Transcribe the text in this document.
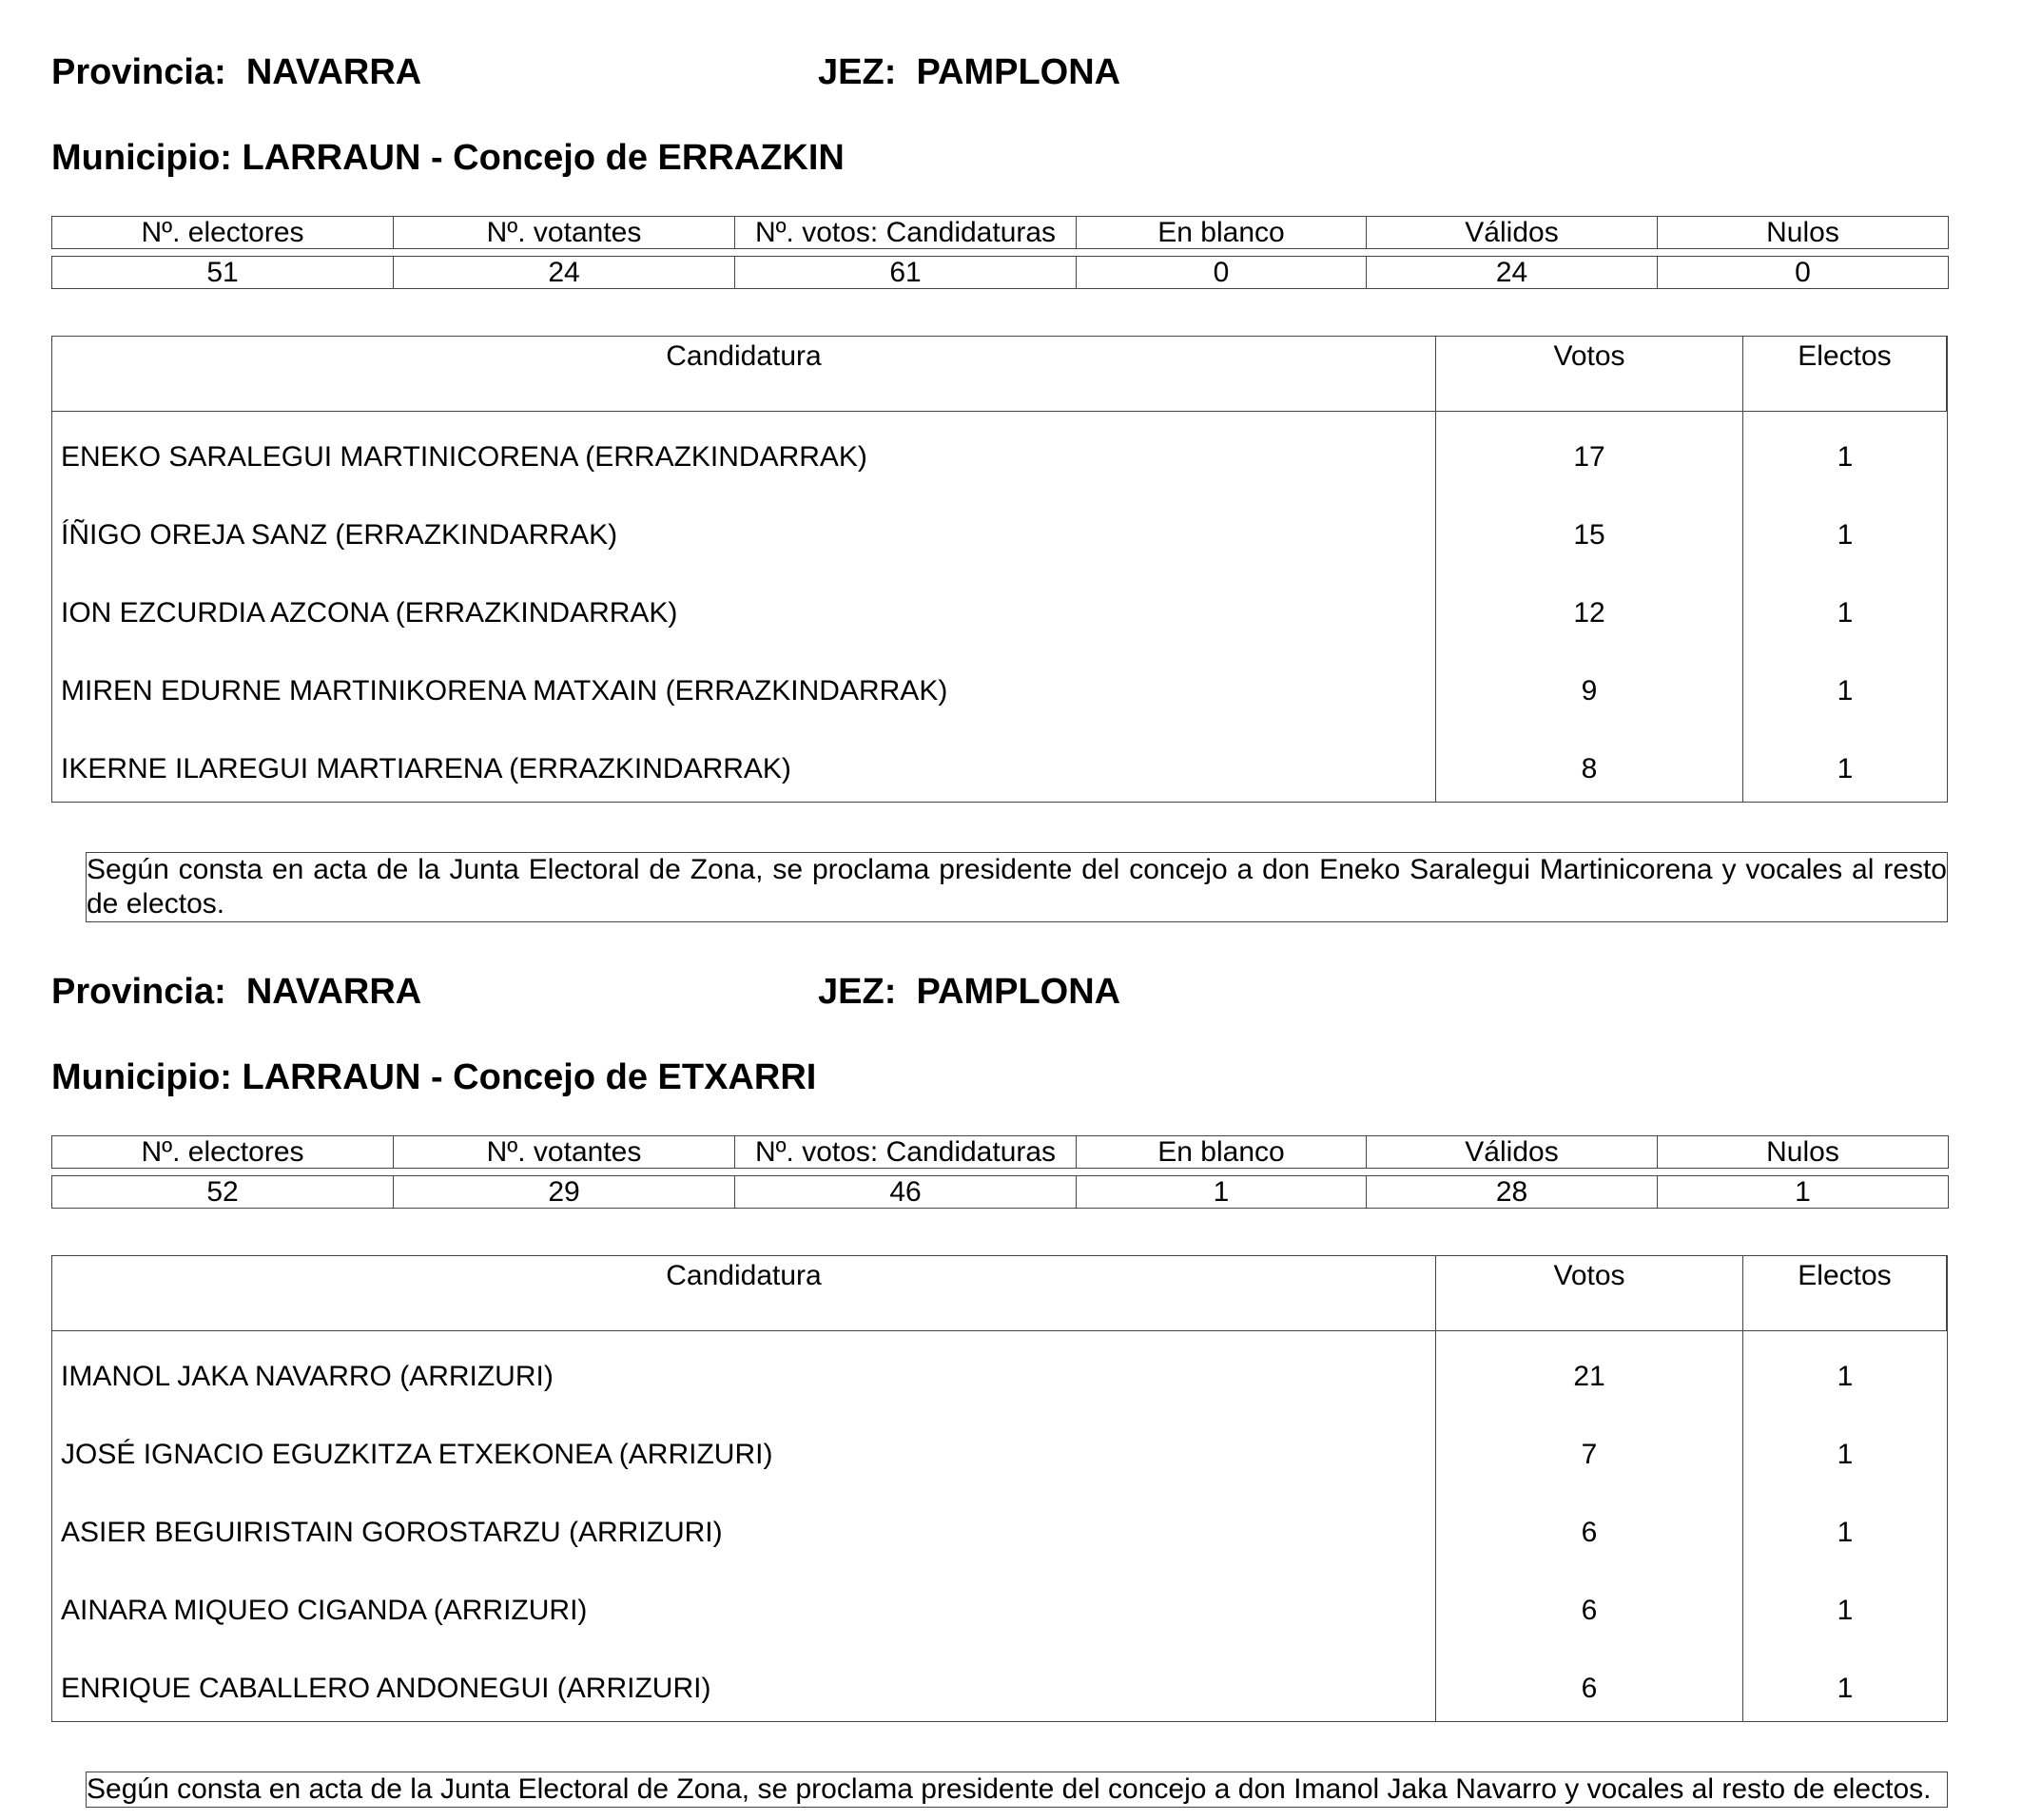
Provincia: NAVARRA	JEZ: PAMPLONA
Municipio: LARRAUN - Concejo de ERRAZKIN
Nº. electores	Nº. votantes	Nº. votos: Candidaturas	En blanco	Válidos	Nulos
51	24	61	0	24	0
Candidatura	Votos	Electos
ENEKO SARALEGUI MARTINICORENA (ERRAZKINDARRAK)	17	1
ÍÑIGO OREJA SANZ (ERRAZKINDARRAK)	15	1
ION EZCURDIA AZCONA (ERRAZKINDARRAK)	12	1
MIREN EDURNE MARTINIKORENA MATXAIN (ERRAZKINDARRAK)	9	1
IKERNE ILAREGUI MARTIARENA (ERRAZKINDARRAK)	8	1
Según consta en acta de la Junta Electoral de Zona, se proclama presidente del concejo a don Eneko Saralegui Martinicorena y vocales al resto de electos.
Provincia: NAVARRA	JEZ: PAMPLONA
Municipio: LARRAUN - Concejo de ETXARRI
Nº. electores	Nº. votantes	Nº. votos: Candidaturas	En blanco	Válidos	Nulos
52	29	46	1	28	1
Candidatura	Votos	Electos
IMANOL JAKA NAVARRO (ARRIZURI)	21	1
JOSÉ IGNACIO EGUZKITZA ETXEKONEA (ARRIZURI)	7	1
ASIER BEGUIRISTAIN GOROSTARZU (ARRIZURI)	6	1
AINARA MIQUEO CIGANDA (ARRIZURI)	6	1
ENRIQUE CABALLERO ANDONEGUI (ARRIZURI)	6	1
Según consta en acta de la Junta Electoral de Zona, se proclama presidente del concejo a don Imanol Jaka Navarro y vocales al resto de electos.
